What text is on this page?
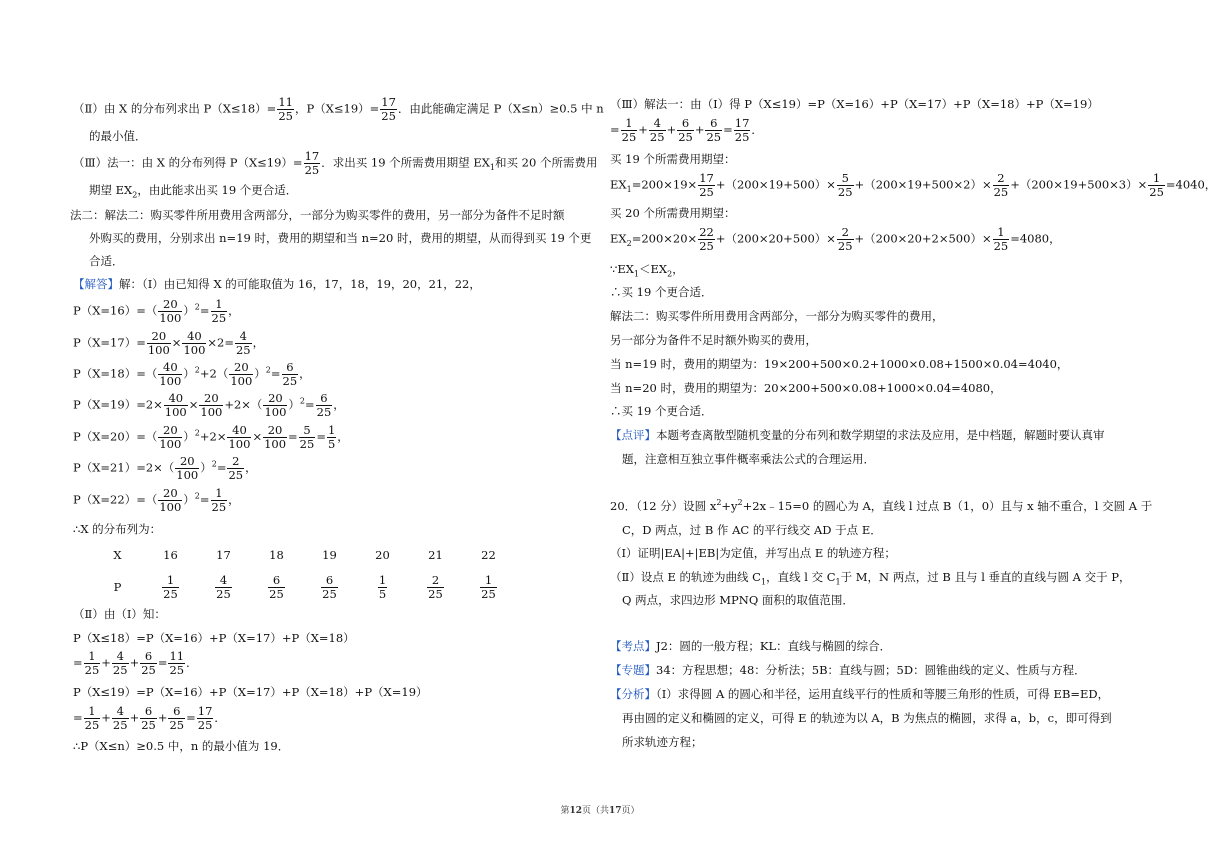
（Ⅱ）由 X 的分布列求出 $P(X\le 18)= \frac{11}{25}$ ，$P(X\le 19)= \frac{17}{25}$ ．由此能确定满足 P（X≤n）≥0.5 中 n
的最小值．
（Ⅲ）法一：由 X 的分布列得 $P(X\le 19)= \frac{17}{25}$ ．求出买 19 个所需费用期望 $EX_1$和买 20 个所需费用
期望 $EX_2$，由此能求出买 19 个更合适．
法二：解法二：购买零件所用费用含两部分，一部分为购买零件的费用，另一部分为备件不足时额
外购买的费用，分别求出 n=19 时，费用的期望和当 n=20 时，费用的期望，从而得到买 19 个更
合适．
【解答】解：（Ⅰ）由已知得 X 的可能取值为 16，17，18，19，20，21，22，
$P(X=16)=( \frac{20}{100} )^2= \frac{1}{25}$ ，
$P(X=17)= \frac{20}{100} \times \frac{40}{100} \times 2= \frac{4}{25}$ ，
$P(X=18)=( \frac{40}{100} )^2+2( \frac{20}{100} )^2= \frac{6}{25}$ ，
$P(X=19)=2\times \frac{40}{100} \times \frac{20}{100} +2\times( \frac{20}{100} )^2= \frac{6}{25}$ ，
$P(X=20)=( \frac{20}{100} )^2+2\times \frac{40}{100} \times \frac{20}{100} = \frac{5}{25} = \frac{1}{5}$ ，
$P(X=21)=2\times( \frac{20}{100} )^2= \frac{2}{25}$ ，
$P(X=22)=( \frac{20}{100} )^2= \frac{1}{25}$ ，
∴X 的分布列为：
X	16	17	18	19	20	21	22
P	$\frac{1}{25}$	$\frac{4}{25}$	$\frac{6}{25}$	$\frac{6}{25}$	$\frac{1}{5}$	$\frac{2}{25}$	$\frac{1}{25}$
（Ⅱ）由（Ⅰ）知：
P（X≤18）=P（X=16）+P（X=17）+P（X=18）
= $\frac{1}{25} + \frac{4}{25} + \frac{6}{25} = \frac{11}{25}$ ．
P（X≤19）=P（X=16）+P（X=17）+P（X=18）+P（X=19）
= $\frac{1}{25} + \frac{4}{25} + \frac{6}{25} + \frac{6}{25} = \frac{17}{25}$ ．
∴P（X≤n）≥0.5 中，n 的最小值为 19．
（Ⅲ）解法一：由（Ⅰ）得 P（X≤19）=P（X=16）+P（X=17）+P（X=18）+P（X=19）
= $\frac{1}{25} + \frac{4}{25} + \frac{6}{25} + \frac{6}{25} = \frac{17}{25}$ ．
买 19 个所需费用期望：
$EX_1=200\times 19\times \frac{17}{25} +(200\times 19+500)\times \frac{5}{25} +(200\times 19+500\times 2)\times \frac{2}{25} +(200\times 19+500\times 3)\times \frac{1}{25} =4040$，
买 20 个所需费用期望：
$EX_2=200\times 20\times \frac{22}{25} +(200\times 20+500)\times \frac{2}{25} +(200\times 20+2\times 500)\times \frac{1}{25} =4080$，
$\because EX_1<EX_2$，
∴买 19 个更合适．
解法二：购买零件所用费用含两部分，一部分为购买零件的费用，
另一部分为备件不足时额外购买的费用，
当 n=19 时，费用的期望为：19×200+500×0.2+1000×0.08+1500×0.04=4040，
当 n=20 时，费用的期望为：20×200+500×0.08+1000×0.04=4080，
∴买 19 个更合适．
【点评】本题考查离散型随机变量的分布列和数学期望的求法及应用，是中档题，解题时要认真审
题，注意相互独立事件概率乘法公式的合理运用．
20．（12 分）设圆 $x^2+y^2+2x﹣15=0$ 的圆心为 A，直线 l 过点 B（1，0）且与 x 轴不重合，l 交圆 A 于
C，D 两点，过 B 作 AC 的平行线交 AD 于点 E．
（Ⅰ）证明|EA|+|EB|为定值，并写出点 E 的轨迹方程；
（Ⅱ）设点 E 的轨迹为曲线 $C_1$，直线 l 交 $C_1$于 M，N 两点，过 B 且与 l 垂直的直线与圆 A 交于 P，
Q 两点，求四边形 MPNQ 面积的取值范围．
【考点】J2：圆的一般方程；KL：直线与椭圆的综合．
【专题】34：方程思想；48：分析法；5B：直线与圆；5D：圆锥曲线的定义、性质与方程．
【分析】（Ⅰ）求得圆 A 的圆心和半径，运用直线平行的性质和等腰三角形的性质，可得 EB=ED，
再由圆的定义和椭圆的定义，可得 E 的轨迹为以 A，B 为焦点的椭圆，求得 a，b，c，即可得到
所求轨迹方程；
第12页（共17页）
